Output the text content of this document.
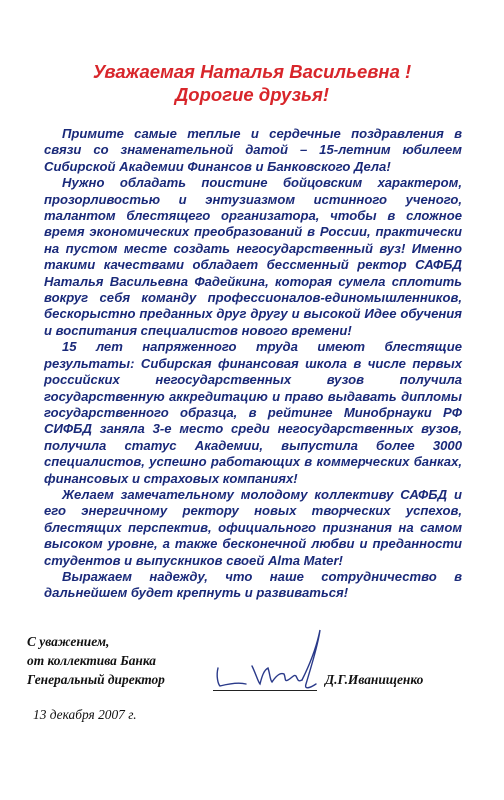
Уважаемая Наталья Васильевна !
Дорогие друзья!

Примите самые теплые и сердечные поздравления в связи со знаменательной датой – 15-летним юбилеем Сибирской Академии Финансов и Банковского Дела!

Нужно обладать поистине бойцовским характером, прозорливостью и энтузиазмом истинного ученого, талантом блестящего организатора, чтобы в сложное время экономических преобразований в России, практически на пустом месте создать негосударственный вуз! Именно такими качествами обладает бессменный ректор САФБД Наталья Васильевна Фадейкина, которая сумела сплотить вокруг себя команду профессионалов-единомышленников, бескорыстно преданных друг другу и высокой Идее обучения и воспитания специалистов нового времени!

15 лет напряженного труда имеют блестящие результаты: Сибирская финансовая школа в числе первых российских негосударственных вузов получила государственную аккредитацию и право выдавать дипломы государственного образца, в рейтинге Минобрнауки РФ СИФБД заняла 3-е место среди негосударственных вузов, получила статус Академии, выпустила более 3000 специалистов, успешно работающих в коммерческих банках, финансовых и страховых компаниях!

Желаем замечательному молодому коллективу САФБД и его энергичному ректору новых творческих успехов, блестящих перспектив, официального признания на самом высоком уровне, а также бесконечной любви и преданности студентов и выпускников своей Alma Mater!

Выражаем надежду, что наше сотрудничество в дальнейшем будет крепнуть и развиваться!

С уважением,
от коллектива Банка
Генеральный директор	Д.Г.Иванищенко
13 декабря 2007 г.
